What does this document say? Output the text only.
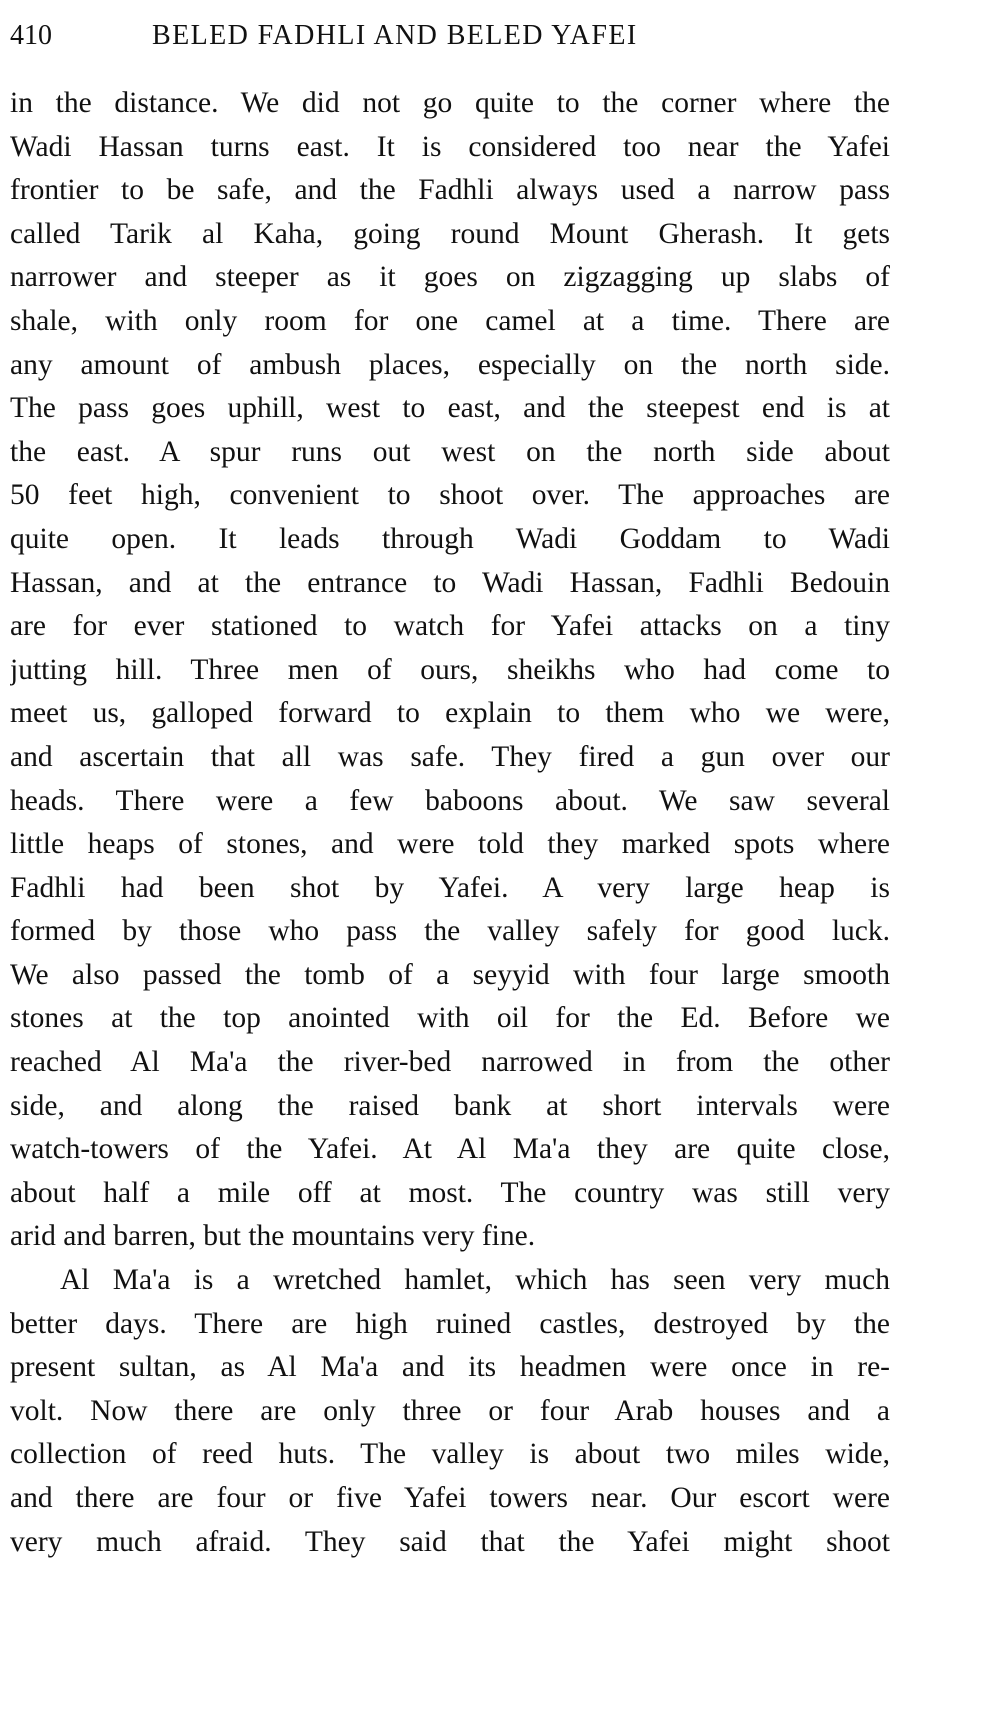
410	BELED FADHLI AND BELED YAFEI
in the distance. We did not go quite to the corner where the
Wadi Hassan turns east. It is considered too near the Yafei
frontier to be safe, and the Fadhli always used a narrow pass
called Tarik al Kaha, going round Mount Gherash. It gets
narrower and steeper as it goes on zigzagging up slabs of
shale, with only room for one camel at a time. There are
any amount of ambush places, especially on the north side.
The pass goes uphill, west to east, and the steepest end is at
the east. A spur runs out west on the north side about
50 feet high, convenient to shoot over. The approaches are
quite open. It leads through Wadi Goddam to Wadi
Hassan, and at the entrance to Wadi Hassan, Fadhli Bedouin
are for ever stationed to watch for Yafei attacks on a tiny
jutting hill. Three men of ours, sheikhs who had come to
meet us, galloped forward to explain to them who we were,
and ascertain that all was safe. They fired a gun over our
heads. There were a few baboons about. We saw several
little heaps of stones, and were told they marked spots where
Fadhli had been shot by Yafei. A very large heap is
formed by those who pass the valley safely for good luck.
We also passed the tomb of a seyyid with four large smooth
stones at the top anointed with oil for the Ed. Before we
reached Al Ma'a the river-bed narrowed in from the other
side, and along the raised bank at short intervals were
watch-towers of the Yafei. At Al Ma'a they are quite close,
about half a mile off at most. The country was still very
arid and barren, but the mountains very fine.
Al Ma'a is a wretched hamlet, which has seen very much
better days. There are high ruined castles, destroyed by the
present sultan, as Al Ma'a and its headmen were once in re-
volt. Now there are only three or four Arab houses and a
collection of reed huts. The valley is about two miles wide,
and there are four or five Yafei towers near. Our escort were
very much afraid. They said that the Yafei might shoot
